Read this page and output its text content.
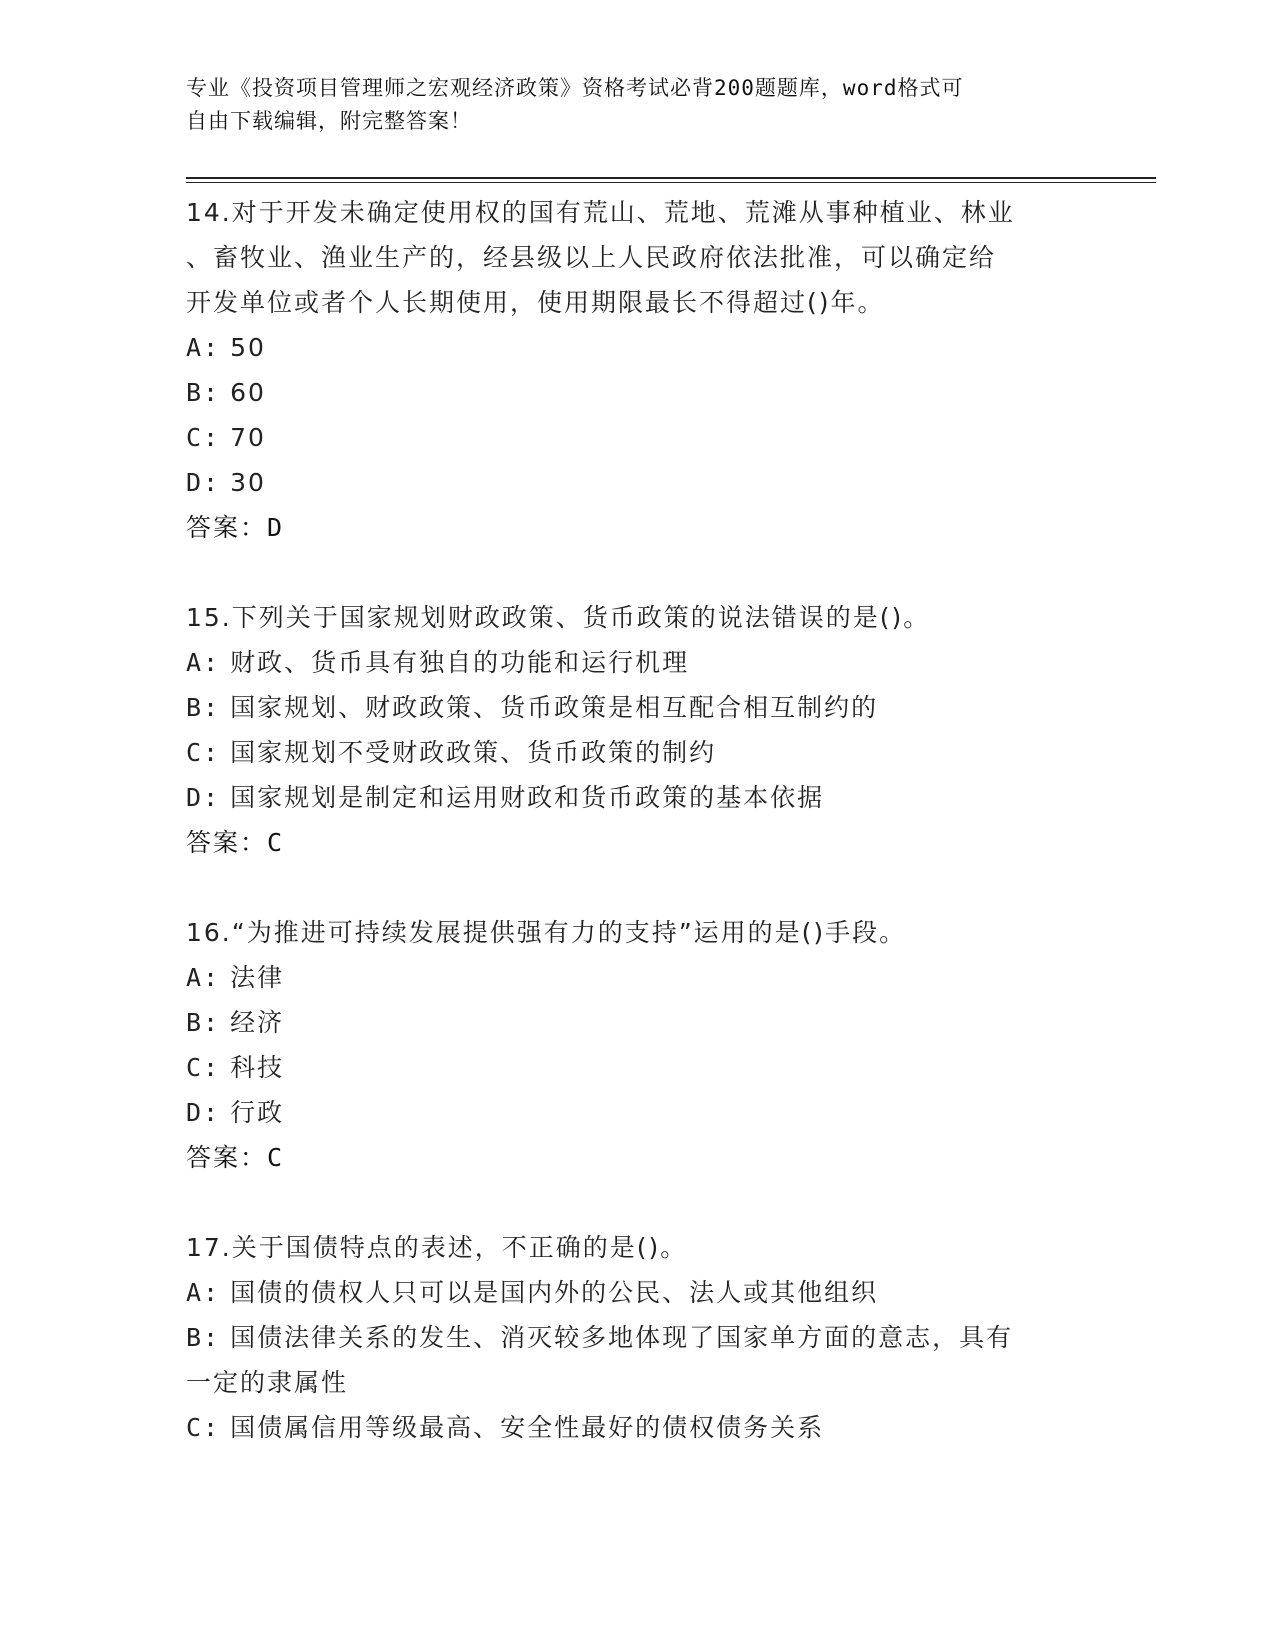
专业《投资项目管理师之宏观经济政策》资格考试必背200题题库，word格式可
自由下载编辑，附完整答案！

14.对于开发未确定使用权的国有荒山、荒地、荒滩从事种植业、林业

、畜牧业、渔业生产的，经县级以上人民政府依法批准，可以确定给

开发单位或者个人长期使用，使用期限最长不得超过()年。

A: 50

B: 60

C: 70

D: 30

答案：D

15.下列关于国家规划财政政策、货币政策的说法错误的是()。

A: 财政、货币具有独自的功能和运行机理

B: 国家规划、财政政策、货币政策是相互配合相互制约的

C: 国家规划不受财政政策、货币政策的制约

D: 国家规划是制定和运用财政和货币政策的基本依据

答案：C

16.“为推进可持续发展提供强有力的支持”运用的是()手段。

A: 法律

B: 经济

C: 科技

D: 行政

答案：C

17.关于国债特点的表述，不正确的是()。

A: 国债的债权人只可以是国内外的公民、法人或其他组织

B: 国债法律关系的发生、消灭较多地体现了国家单方面的意志，具有

一定的隶属性

C: 国债属信用等级最高、安全性最好的债权债务关系
